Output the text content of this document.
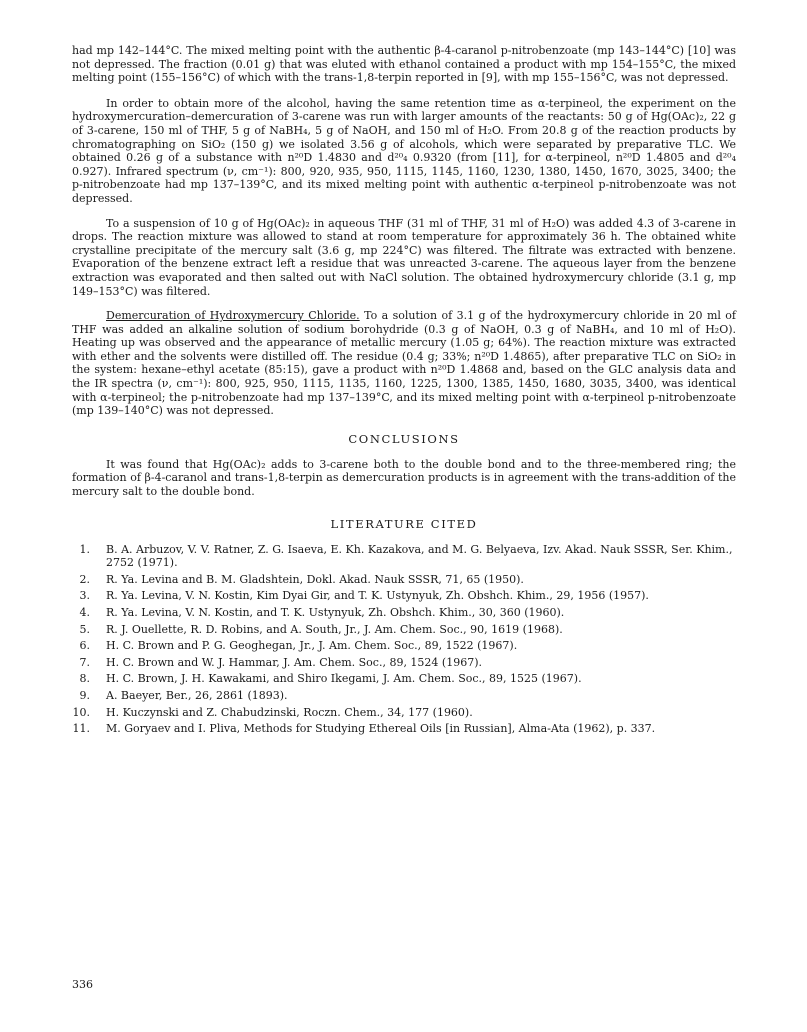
had mp 142–144°C. The mixed melting point with the authentic β-4-caranol p-nitrobenzoate (mp 143–144°C) [10] was not depressed. The fraction (0.01 g) that was eluted with ethanol contained a product with mp 154–155°C, the mixed melting point (155–156°C) of which with the trans-1,8-terpin reported in [9], with mp 155–156°C, was not depressed.

In order to obtain more of the alcohol, having the same retention time as α-terpineol, the experiment on the hydroxymercuration–demercuration of 3-carene was run with larger amounts of the reactants: 50 g of Hg(OAc)₂, 22 g of 3-carene, 150 ml of THF, 5 g of NaBH₄, 5 g of NaOH, and 150 ml of H₂O. From 20.8 g of the reaction products by chromatographing on SiO₂ (150 g) we isolated 3.56 g of alcohols, which were separated by preparative TLC. We obtained 0.26 g of a substance with n²⁰D 1.4830 and d²⁰₄ 0.9320 (from [11], for α-terpineol, n²⁰D 1.4805 and d²⁰₄ 0.927). Infrared spectrum (ν, cm⁻¹): 800, 920, 935, 950, 1115, 1145, 1160, 1230, 1380, 1450, 1670, 3025, 3400; the p-nitrobenzoate had mp 137–139°C, and its mixed melting point with authentic α-terpineol p-nitrobenzoate was not depressed.

To a suspension of 10 g of Hg(OAc)₂ in aqueous THF (31 ml of THF, 31 ml of H₂O) was added 4.3 of 3-carene in drops. The reaction mixture was allowed to stand at room temperature for approximately 36 h. The obtained white crystalline precipitate of the mercury salt (3.6 g, mp 224°C) was filtered. The filtrate was extracted with benzene. Evaporation of the benzene extract left a residue that was unreacted 3-carene. The aqueous layer from the benzene extraction was evaporated and then salted out with NaCl solution. The obtained hydroxymercury chloride (3.1 g, mp 149–153°C) was filtered.

Demercuration of Hydroxymercury Chloride. To a solution of 3.1 g of the hydroxymercury chloride in 20 ml of THF was added an alkaline solution of sodium borohydride (0.3 g of NaOH, 0.3 g of NaBH₄, and 10 ml of H₂O). Heating up was observed and the appearance of metallic mercury (1.05 g; 64%). The reaction mixture was extracted with ether and the solvents were distilled off. The residue (0.4 g; 33%; n²⁰D 1.4865), after preparative TLC on SiO₂ in the system: hexane–ethyl acetate (85:15), gave a product with n²⁰D 1.4868 and, based on the GLC analysis data and the IR spectra (ν, cm⁻¹): 800, 925, 950, 1115, 1135, 1160, 1225, 1300, 1385, 1450, 1680, 3035, 3400, was identical with α-terpineol; the p-nitrobenzoate had mp 137–139°C, and its mixed melting point with α-terpineol p-nitrobenzoate (mp 139–140°C) was not depressed.

CONCLUSIONS

It was found that Hg(OAc)₂ adds to 3-carene both to the double bond and to the three-membered ring; the formation of β-4-caranol and trans-1,8-terpin as demercuration products is in agreement with the trans-addition of the mercury salt to the double bond.

LITERATURE CITED
1. B. A. Arbuzov, V. V. Ratner, Z. G. Isaeva, E. Kh. Kazakova, and M. G. Belyaeva, Izv. Akad. Nauk SSSR, Ser. Khim., 2752 (1971).
2. R. Ya. Levina and B. M. Gladshtein, Dokl. Akad. Nauk SSSR, 71, 65 (1950).
3. R. Ya. Levina, V. N. Kostin, Kim Dyai Gir, and T. K. Ustynyuk, Zh. Obshch. Khim., 29, 1956 (1957).
4. R. Ya. Levina, V. N. Kostin, and T. K. Ustynyuk, Zh. Obshch. Khim., 30, 360 (1960).
5. R. J. Ouellette, R. D. Robins, and A. South, Jr., J. Am. Chem. Soc., 90, 1619 (1968).
6. H. C. Brown and P. G. Geoghegan, Jr., J. Am. Chem. Soc., 89, 1522 (1967).
7. H. C. Brown and W. J. Hammar, J. Am. Chem. Soc., 89, 1524 (1967).
8. H. C. Brown, J. H. Kawakami, and Shiro Ikegami, J. Am. Chem. Soc., 89, 1525 (1967).
9. A. Baeyer, Ber., 26, 2861 (1893).
10. H. Kuczynski and Z. Chabudzinski, Roczn. Chem., 34, 177 (1960).
11. M. Goryaev and I. Pliva, Methods for Studying Etherеal Oils [in Russian], Alma-Ata (1962), p. 337.
336
